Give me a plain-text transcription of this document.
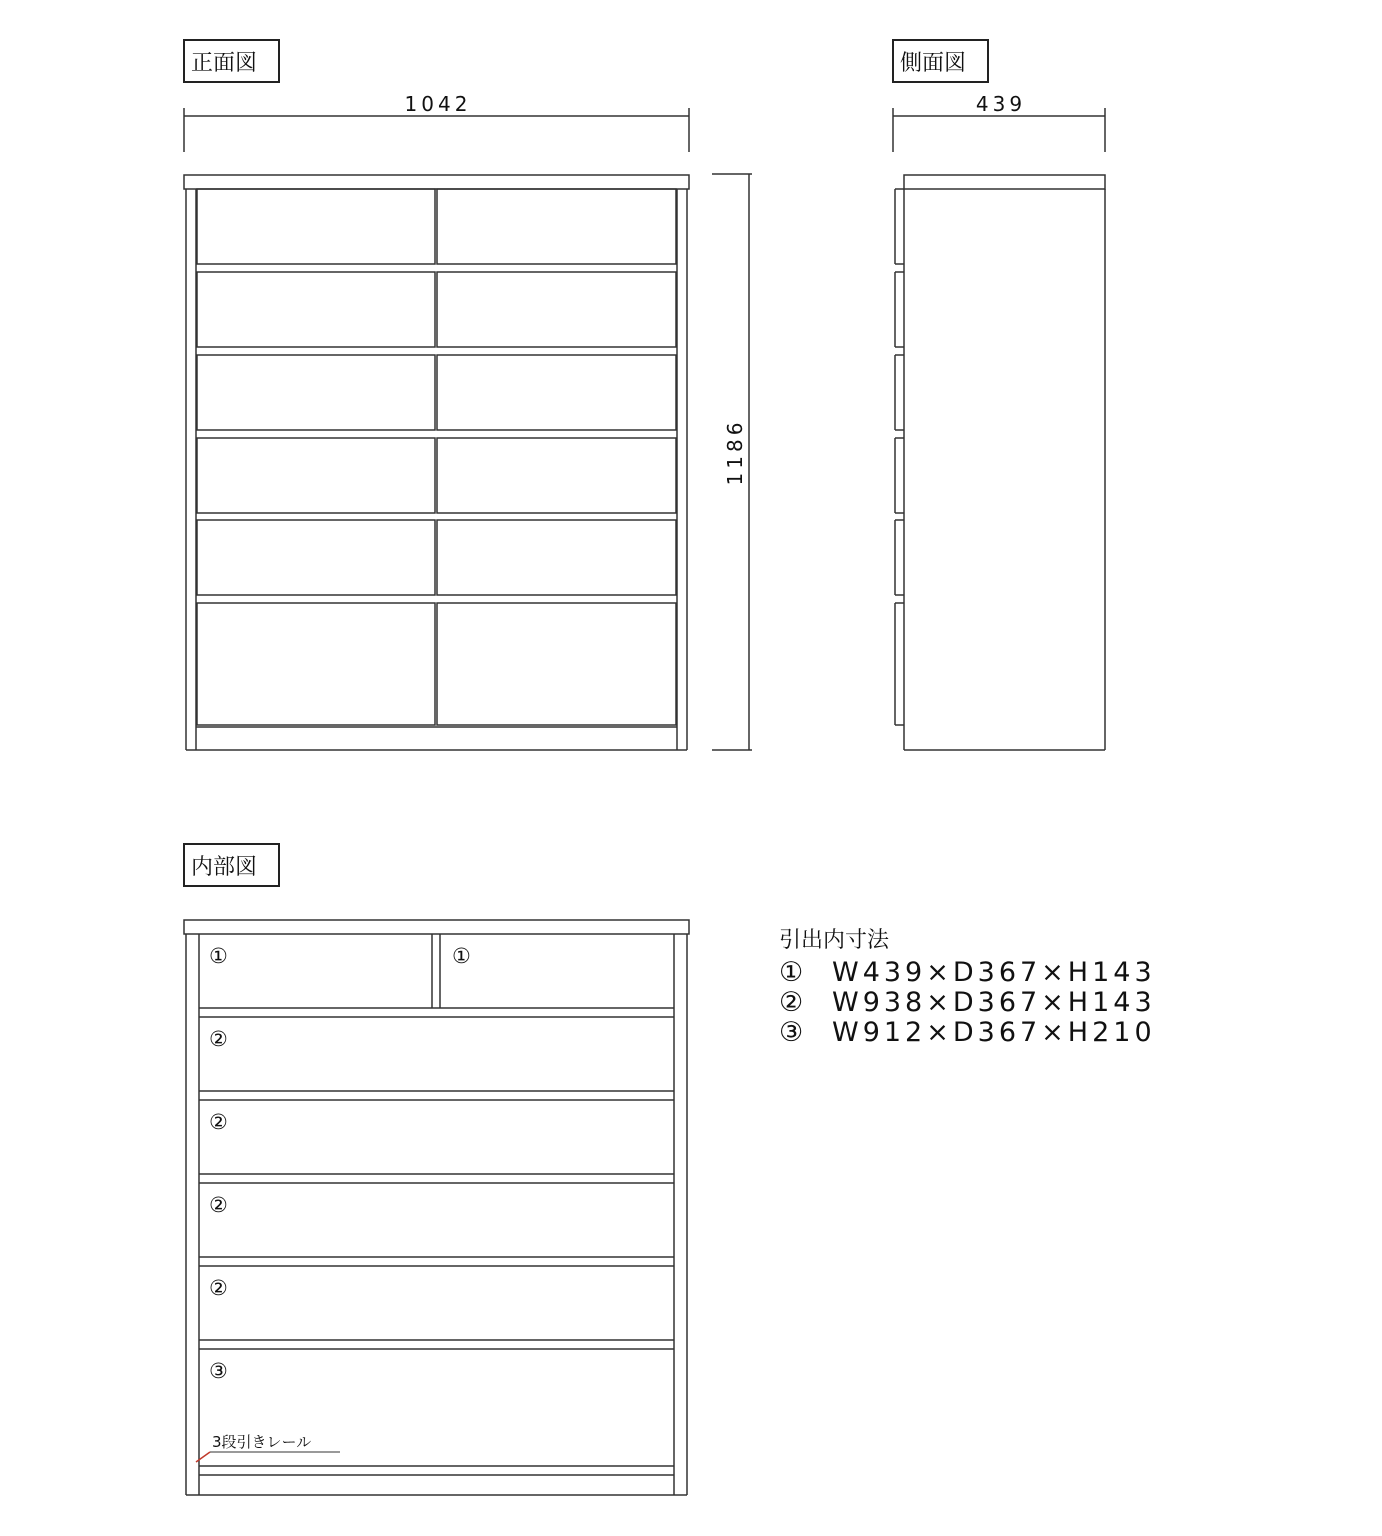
正面図
1042
1186
側面図
439
内部図
①	①
②
②
②
②
③
3段引きレール
引出内寸法
① W439×D367×H143
② W938×D367×H143
③ W912×D367×H210
